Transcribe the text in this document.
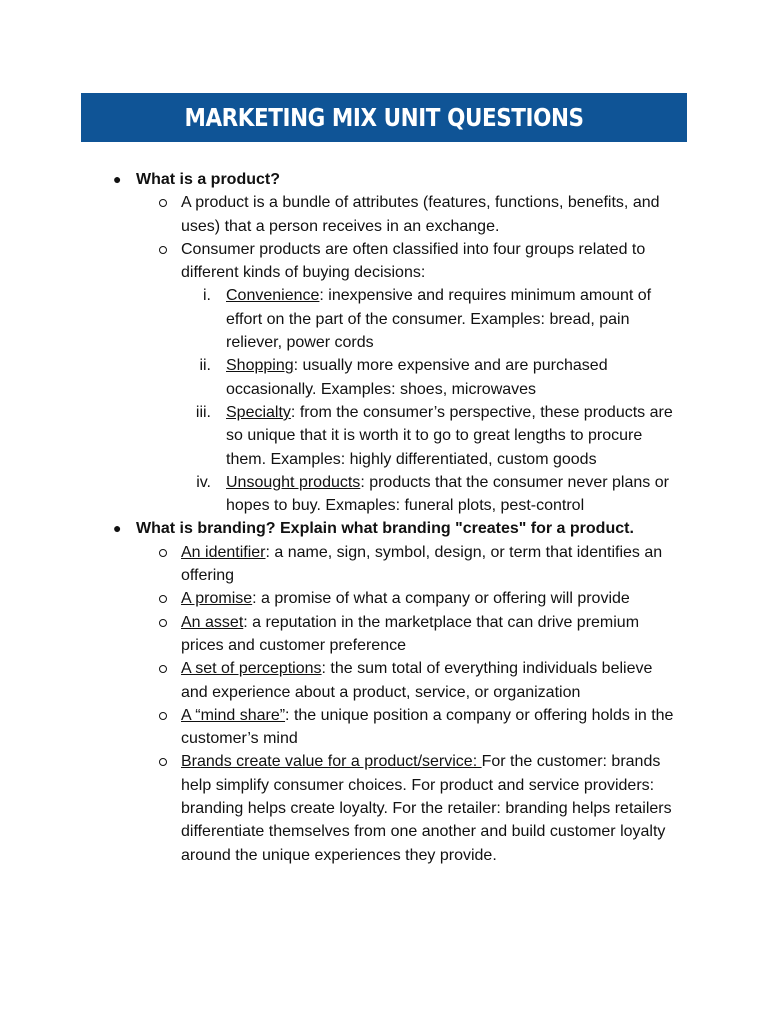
MARKETING MIX UNIT QUESTIONS
● What is a product?
A product is a bundle of attributes (features, functions, benefits, and uses) that a person receives in an exchange.
Consumer products are often classified into four groups related to different kinds of buying decisions:
i. Convenience: inexpensive and requires minimum amount of effort on the part of the consumer. Examples: bread, pain reliever, power cords
ii. Shopping: usually more expensive and are purchased occasionally. Examples: shoes, microwaves
iii. Specialty: from the consumer’s perspective, these products are so unique that it is worth it to go to great lengths to procure them. Examples: highly differentiated, custom goods
iv. Unsought products: products that the consumer never plans or hopes to buy. Exmaples: funeral plots, pest-control
● What is branding? Explain what branding "creates" for a product.
An identifier: a name, sign, symbol, design, or term that identifies an offering
A promise: a promise of what a company or offering will provide
An asset: a reputation in the marketplace that can drive premium prices and customer preference
A set of perceptions: the sum total of everything individuals believe and experience about a product, service, or organization
A “mind share”: the unique position a company or offering holds in the customer’s mind
Brands create value for a product/service: For the customer: brands help simplify consumer choices. For product and service providers: branding helps create loyalty. For the retailer: branding helps retailers differentiate themselves from one another and build customer loyalty around the unique experiences they provide.
